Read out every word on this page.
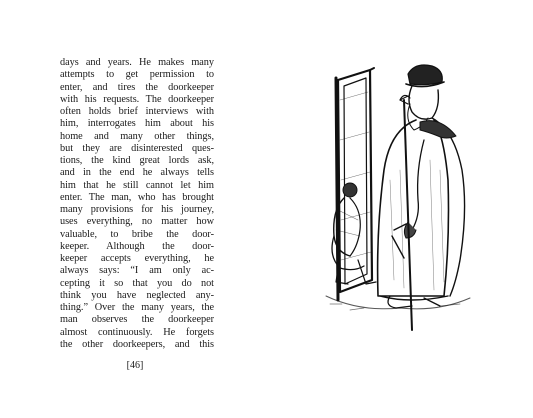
days and years. He makes many
attempts to get permission to
enter, and tires the doorkeeper
with his requests. The doorkeeper
often holds brief interviews with
him, interrogates him about his
home and many other things,
but they are disinterested ques-
tions, the kind great lords ask,
and in the end he always tells
him that he still cannot let him
enter. The man, who has brought
many provisions for his journey,
uses everything, no matter how
valuable, to bribe the door-
keeper. Although the door-
keeper accepts everything, he
always says: “I am only ac-
cepting it so that you do not
think you have neglected any-
thing.” Over the many years, the
man observes the doorkeeper
almost continuously. He forgets
the other doorkeepers, and this
[46]
